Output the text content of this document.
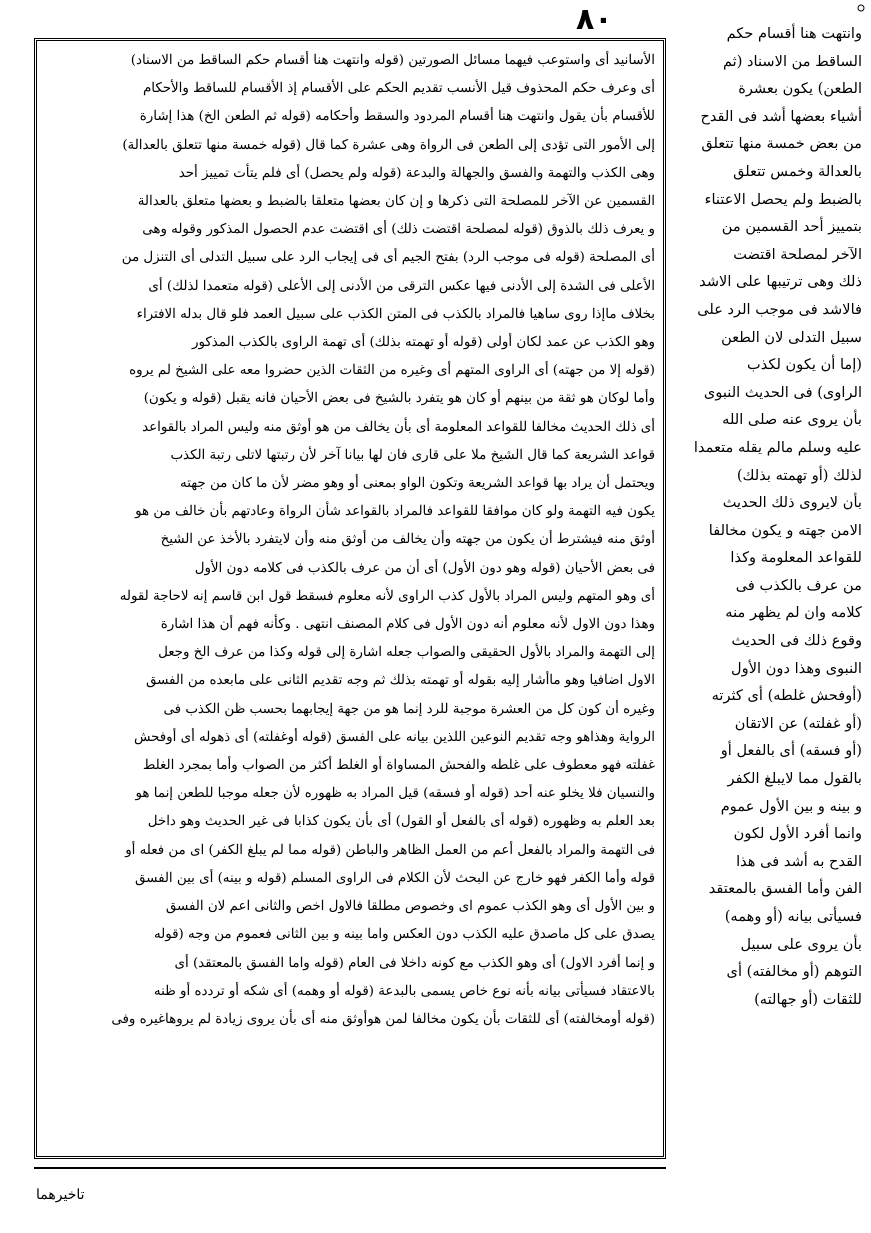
٨٠

الأسانيد أى واستوعب فيهما مسائل الصورتين (قوله وانتهت هنا أقسام حكم الساقط من الاسناد)
أى وعرف حكم المحذوف قيل الأنسب تقديم الحكم على الأقسام إذ الأقسام للساقط والأحكام
للأقسام بأن يقول وانتهت هنا أقسام المردود والسقط وأحكامه (قوله ثم الطعن الخ) هذا إشارة
إلى الأمور التى تؤدى إلى الطعن فى الرواة وهى عشرة كما قال (قوله خمسة منها تتعلق بالعدالة)
وهى الكذب والتهمة والفسق والجهالة والبدعة (قوله ولم يحصل) أى فلم يتأت تمييز أحد
القسمين عن الآخر للمصلحة التى ذكرها و إن كان بعضها متعلقا بالضبط و بعضها متعلق بالعدالة
و يعرف ذلك بالذوق (قوله لمصلحة اقتضت ذلك) أى اقتضت عدم الحصول المذكور وقوله وهى
أى المصلحة (قوله فى موجب الرد) بفتح الجيم أى فى إيجاب الرد على سبيل التدلى أى التنزل من
الأعلى فى الشدة إلى الأدنى فيها عكس الترقى من الأدنى إلى الأعلى (قوله متعمدا لذلك) أى
بخلاف ماإذا روى ساهيا فالمراد بالكذب فى المتن الكذب على سبيل العمد فلو قال بدله الافتراء
وهو الكذب عن عمد لكان أولى (قوله أو تهمته بذلك) أى تهمة الراوى بالكذب المذكور
(قوله إلا من جهته) أى الراوى المتهم أى وغيره من الثقات الذين حضروا معه على الشيخ لم يروه
وأما لوكان هو ثقة من بينهم أو كان هو يتفرد بالشيخ فى بعض الأحيان فانه يقبل (قوله و يكون)
أى ذلك الحديث مخالفا للقواعد المعلومة أى بأن يخالف من هو أوثق منه وليس المراد بالقواعد
قواعد الشريعة كما قال الشيخ ملا على قارى فان لها بيانا آخر لأن رتبتها لاتلى رتبة الكذب
ويحتمل أن يراد بها قواعد الشريعة وتكون الواو بمعنى أو وهو مضر لأن ما كان من جهته
يكون فيه التهمة ولو كان موافقا للقواعد فالمراد بالقواعد شأن الرواة وعادتهم بأن خالف من هو
أوثق منه فيشترط أن يكون من جهته وأن يخالف من أوثق منه وأن لايتفرد بالأخذ عن الشيخ
فى بعض الأحيان (قوله وهو دون الأول) أى أن من عرف بالكذب فى كلامه دون الأول
أى وهو المتهم وليس المراد بالأول كذب الراوى لأنه معلوم فسقط قول ابن قاسم إنه لاحاجة لقوله
وهذا دون الاول لأنه معلوم أنه دون الأول فى كلام المصنف انتهى . وكأنه فهم أن هذا اشارة
إلى التهمة والمراد بالأول الحقيقى والصواب جعله اشارة إلى قوله وكذا من عرف الخ وجعل
الاول اضافيا وهو ماأشار إليه بقوله أو تهمته بذلك ثم وجه تقديم الثانى على مابعده من الفسق
وغيره أن كون كل من العشرة موجبة للرد إنما هو من جهة إيجابهما بحسب ظن الكذب فى
الرواية وهذاهو وجه تقديم النوعين اللذين بيانه على الفسق (قوله أوغفلته) أى ذهوله أى أوفحش
غفلته فهو معطوف على غلطه والفحش المساواة أو الغلط أكثر من الصواب وأما بمجرد الغلط
والنسيان فلا يخلو عنه أحد (قوله أو فسقه) قيل المراد به ظهوره لأن جعله موجبا للطعن إنما هو
بعد العلم به وظهوره (قوله أى بالفعل أو القول) أى بأن يكون كذابا فى غير الحديث وهو داخل
فى التهمة والمراد بالفعل أعم من العمل الظاهر والباطن (قوله مما لم يبلغ الكفر) اى من فعله أو
قوله وأما الكفر فهو خارج عن البحث لأن الكلام فى الراوى المسلم (قوله و بينه) أى بين الفسق
و بين الأول أى وهو الكذب عموم اى وخصوص مطلقا فالاول اخص والثانى اعم لان الفسق
يصدق على كل ماصدق عليه الكذب دون العكس واما بينه و بين الثانى فعموم من وجه (قوله
و إنما أفرد الاول) أى وهو الكذب مع كونه داخلا فى العام (قوله واما الفسق بالمعتقد) أى
بالاعتقاد فسيأتى بيانه بأنه نوع خاص يسمى بالبدعة (قوله أو وهمه) أى شكه أو تردده أو ظنه
(قوله أومخالفته) أى للثقات بأن يكون مخالفا لمن هوأوثق منه أى بأن يروى زيادة لم يروهاغيره وفى

وانتهت هنا أقسام حكم
الساقط من الاسناد (ثم
الطعن) يكون بعشرة
أشياء بعضها أشد فى القدح
من بعض خمسة منها تتعلق
بالعدالة وخمس تتعلق
بالضبط ولم يحصل الاعتناء
بتمييز أحد القسمين من
الآخر لمصلحة اقتضت
ذلك وهى ترتيبها على الاشد
فالاشد فى موجب الرد على
سبيل التدلى لان الطعن
(إما أن يكون لكذب
الراوى) فى الحديث النبوى
بأن يروى عنه صلى الله
عليه وسلم مالم يقله متعمدا
لذلك (أو تهمته بذلك)
بأن لايروى ذلك الحديث
الامن جهته و يكون مخالفا
للقواعد المعلومة وكذا
من عرف بالكذب فى
كلامه وان لم يظهر منه
وقوع ذلك فى الحديث
النبوى وهذا دون الأول
(أوفحش غلطه) أى كثرته
(أو غفلته) عن الاتقان
(أو فسقه) أى بالفعل أو
بالقول مما لايبلغ الكفر
و بينه و بين الأول عموم
وانما أفرد الأول لكون
القدح به أشد فى هذا
الفن وأما الفسق بالمعتقد
فسيأتى بيانه (أو وهمه)
بأن يروى على سبيل
التوهم (أو مخالفته) أى
للثقات (أو جهالته)

تاخيرهما
